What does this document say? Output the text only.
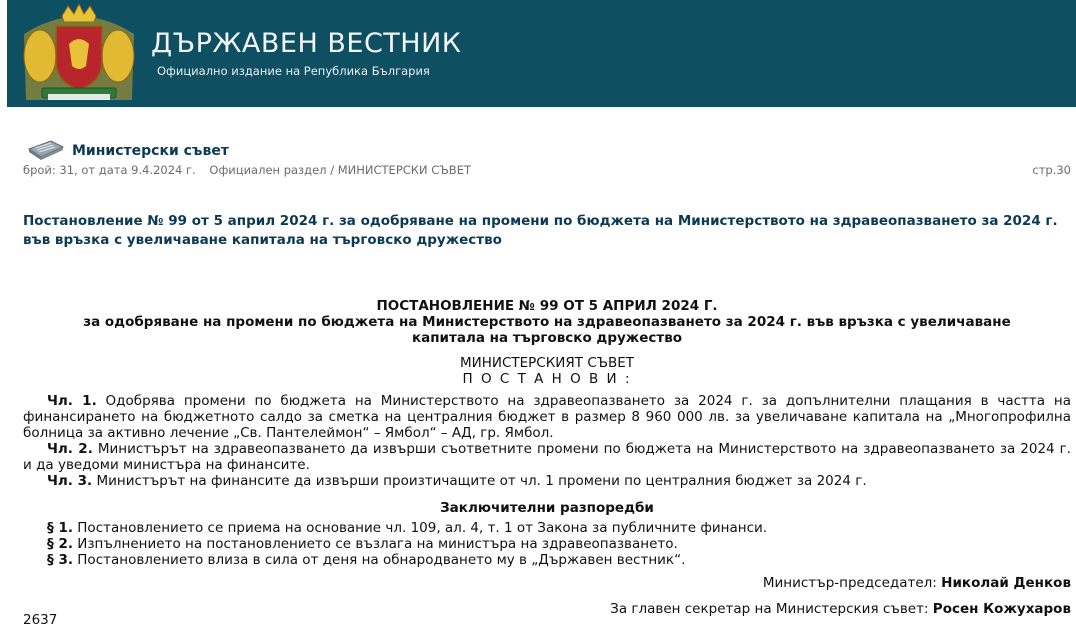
ДЪРЖАВЕН ВЕСТНИК
Официално издание на Република България
Министерски съвет
брой: 31, от дата 9.4.2024 г. Официален раздел / МИНИСТЕРСКИ СЪВЕТ	стр.30
Постановление № 99 от 5 април 2024 г. за одобряване на промени по бюджета на Министерството на здравеопазването за 2024 г. във връзка с увеличаване капитала на търговско дружество
ПОСТАНОВЛЕНИЕ № 99 ОТ 5 АПРИЛ 2024 Г.
за одобряване на промени по бюджета на Министерството на здравеопазването за 2024 г. във връзка с увеличаване капитала на търговско дружество
МИНИСТЕРСКИЯТ СЪВЕТ
П О С Т А Н О В И :
Чл. 1. Одобрява промени по бюджета на Министерството на здравеопазването за 2024 г. за допълнителни плащания в частта на финансирането на бюджетното салдо за сметка на централния бюджет в размер 8 960 000 лв. за увеличаване капитала на „Многопрофилна болница за активно лечение „Св. Пантелеймон“ – Ямбол“ – АД, гр. Ямбол.
Чл. 2. Министърът на здравеопазването да извърши съответните промени по бюджета на Министерството на здравеопазването за 2024 г. и да уведоми министъра на финансите.
Чл. 3. Министърът на финансите да извърши произтичащите от чл. 1 промени по централния бюджет за 2024 г.
Заключителни разпоредби
§ 1. Постановлението се приема на основание чл. 109, ал. 4, т. 1 от Закона за публичните финанси.
§ 2. Изпълнението на постановлението се възлага на министъра на здравеопазването.
§ 3. Постановлението влиза в сила от деня на обнародването му в „Държавен вестник“.
Министър-председател: Николай Денков
За главен секретар на Министерския съвет: Росен Кожухаров
2637
